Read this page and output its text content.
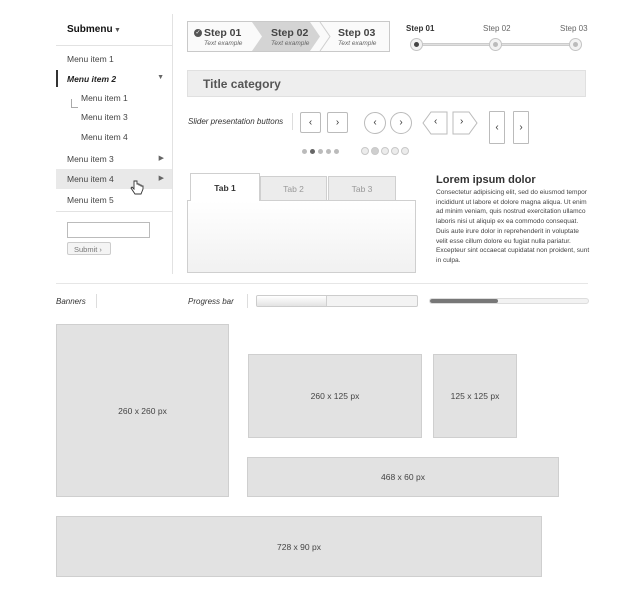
Submenu ▼
Menu item 1
Menu item 2	▼
Menu item 1
Menu item 3
Menu item 4
Menu item 3	▶
Menu item 4	▶
Menu item 5
Submit ›
✓ Step 01
Text example
Step 02
Text example
Step 03
Text example
Step 01	Step 02	Step 03
Title category
Slider presentation buttons	‹	›	‹	›	‹ ›
‹	›
Tab 2	Tab 3
Tab 1
Lorem ipsum dolor
Consectetur adipisicing elit, sed do eiusmod tempor incididunt ut labore et dolore magna aliqua. Ut enim ad minim veniam, quis nostrud exercitation ullamco laboris nisi ut aliquip ex ea commodo consequat. Duis aute irure dolor in reprehenderit in voluptate velit esse cillum dolore eu fugiat nulla pariatur. Excepteur sint occaecat cupidatat non proident, sunt in culpa.
Banners	Progress bar
260 x 260 px
260 x 125 px	125 x 125 px
468 x 60 px
728 x 90 px
